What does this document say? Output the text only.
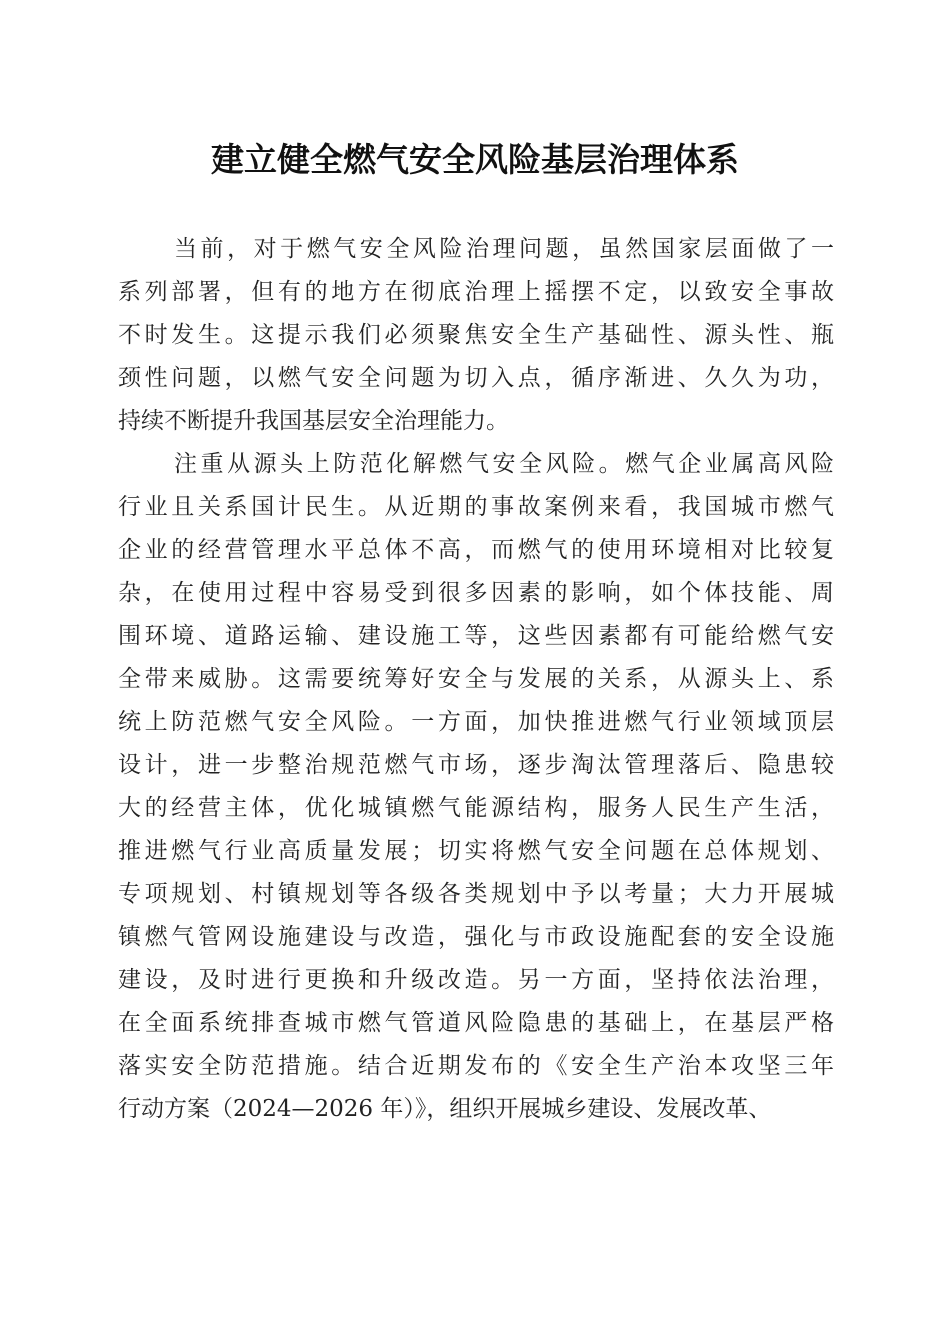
建立健全燃气安全风险基层治理体系
当前，对于燃气安全风险治理问题，虽然国家层面做了一
系列部署，但有的地方在彻底治理上摇摆不定，以致安全事故
不时发生。这提示我们必须聚焦安全生产基础性、源头性、瓶
颈性问题，以燃气安全问题为切入点，循序渐进、久久为功，
持续不断提升我国基层安全治理能力。
注重从源头上防范化解燃气安全风险。燃气企业属高风险
行业且关系国计民生。从近期的事故案例来看，我国城市燃气
企业的经营管理水平总体不高，而燃气的使用环境相对比较复
杂，在使用过程中容易受到很多因素的影响，如个体技能、周
围环境、道路运输、建设施工等，这些因素都有可能给燃气安
全带来威胁。这需要统筹好安全与发展的关系，从源头上、系
统上防范燃气安全风险。一方面，加快推进燃气行业领域顶层
设计，进一步整治规范燃气市场，逐步淘汰管理落后、隐患较
大的经营主体，优化城镇燃气能源结构，服务人民生产生活，
推进燃气行业高质量发展；切实将燃气安全问题在总体规划、
专项规划、村镇规划等各级各类规划中予以考量；大力开展城
镇燃气管网设施建设与改造，强化与市政设施配套的安全设施
建设，及时进行更换和升级改造。另一方面，坚持依法治理，
在全面系统排查城市燃气管道风险隐患的基础上，在基层严格
落实安全防范措施。结合近期发布的《安全生产治本攻坚三年
行动方案（2024—2026 年）》，组织开展城乡建设、发展改革、
